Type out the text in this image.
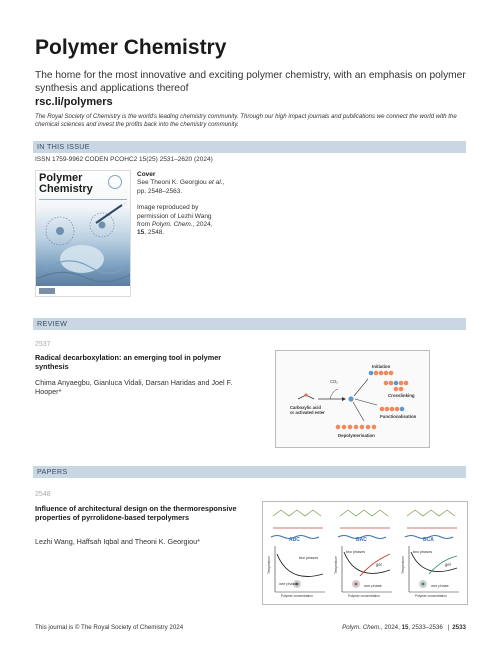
Polymer Chemistry
The home for the most innovative and exciting polymer chemistry, with an emphasis on polymer synthesis and applications thereof
rsc.li/polymers
The Royal Society of Chemistry is the world's leading chemistry community. Through our high impact journals and publications we connect the world with the chemical sciences and invest the profits back into the chemistry community.
IN THIS ISSUE
ISSN 1759-9962 CODEN PCOHC2 15(25) 2531–2620 (2024)
Polymer Chemistry
Cover
See Theoni K. Georgiou et al.,
pp. 2548–2563.
Image reproduced by
permission of Lezhi Wang
from Polym. Chem., 2024,
15, 2548.
REVIEW
2537
Radical decarboxylation: an emerging tool in polymer synthesis
Chima Anyaegbu, Gianluca Vidali, Darsan Haridas and Joel F. Hooper*
CO₂
Carboxylic acid
or activated ester
Initiation
Crosslinking
Functionalisation
Depolymerisation
PAPERS
2548
Influence of architectural design on the thermoresponsive properties of pyrrolidone-based terpolymers
Lezhi Wang, Haffsah Iqbal and Theoni K. Georgiou*	ABC
two phases
one phase
Temperature
Polymer concentration
BAC
two phases
gel
one phase
Temperature
Polymer concentration
BCA
two phases
gel
one phase
Temperature
Polymer concentration
This journal is © The Royal Society of Chemistry 2024	Polym. Chem., 2024, 15, 2533–2536 | 2533
